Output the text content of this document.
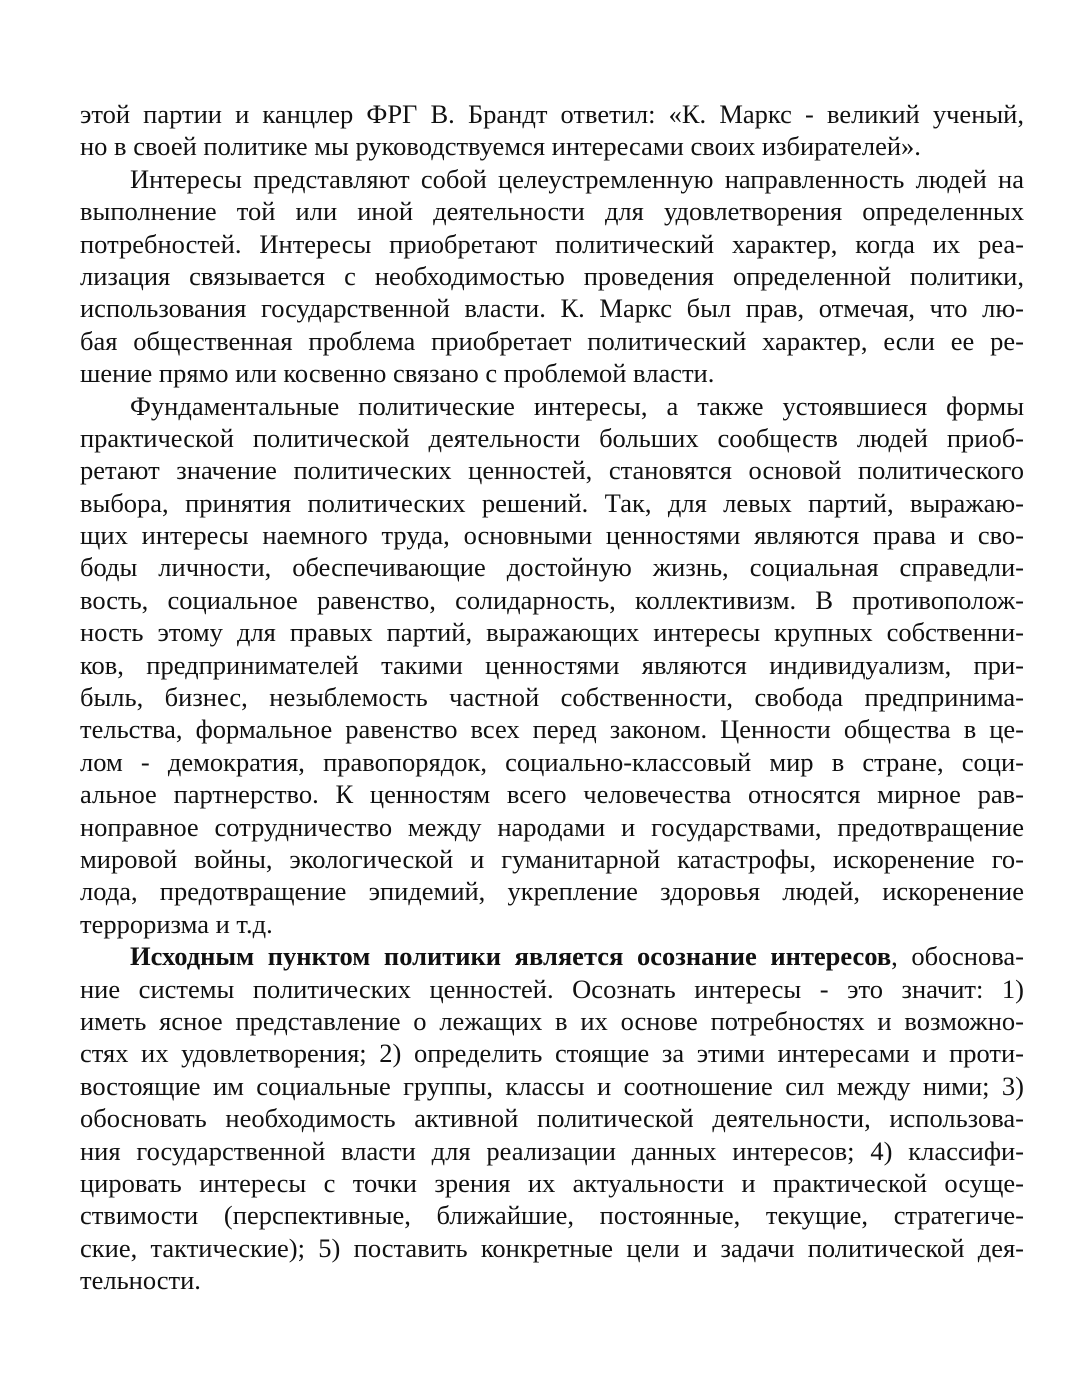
этой партии и канцлер ФРГ В. Брандт ответил: «К. Маркс - великий ученый,
но в своей политике мы руководствуемся интересами своих избирателей».
Интересы представляют собой целеустремленную направленность людей на
выполнение той или иной деятельности для удовлетворения определенных
потребностей. Интересы приобретают политический характер, когда их реа-
лизация связывается с необходимостью проведения определенной политики,
использования государственной власти. К. Маркс был прав, отмечая, что лю-
бая общественная проблема приобретает политический характер, если ее ре-
шение прямо или косвенно связано с проблемой власти.
Фундаментальные политические интересы, а также устоявшиеся формы
практической политической деятельности больших сообществ людей приоб-
ретают значение политических ценностей, становятся основой политического
выбора, принятия политических решений. Так, для левых партий, выражаю-
щих интересы наемного труда, основными ценностями являются права и сво-
боды личности, обеспечивающие достойную жизнь, социальная справедли-
вость, социальное равенство, солидарность, коллективизм. В противополож-
ность этому для правых партий, выражающих интересы крупных собственни-
ков, предпринимателей такими ценностями являются индивидуализм, при-
быль, бизнес, незыблемость частной собственности, свобода предпринима-
тельства, формальное равенство всех перед законом. Ценности общества в це-
лом - демократия, правопорядок, социально-классовый мир в стране, соци-
альное партнерство. К ценностям всего человечества относятся мирное рав-
ноправное сотрудничество между народами и государствами, предотвращение
мировой войны, экологической и гуманитарной катастрофы, искоренение го-
лода, предотвращение эпидемий, укрепление здоровья людей, искоренение
терроризма и т.д.
Исходным пунктом политики является осознание интересов, обоснова-
ние системы политических ценностей. Осознать интересы - это значит: 1)
иметь ясное представление о лежащих в их основе потребностях и возможно-
стях их удовлетворения; 2) определить стоящие за этими интересами и проти-
востоящие им социальные группы, классы и соотношение сил между ними; 3)
обосновать необходимость активной политической деятельности, использова-
ния государственной власти для реализации данных интересов; 4) классифи-
цировать интересы с точки зрения их актуальности и практической осуще-
ствимости (перспективные, ближайшие, постоянные, текущие, стратегиче-
ские, тактические); 5) поставить конкретные цели и задачи политической дея-
тельности.
